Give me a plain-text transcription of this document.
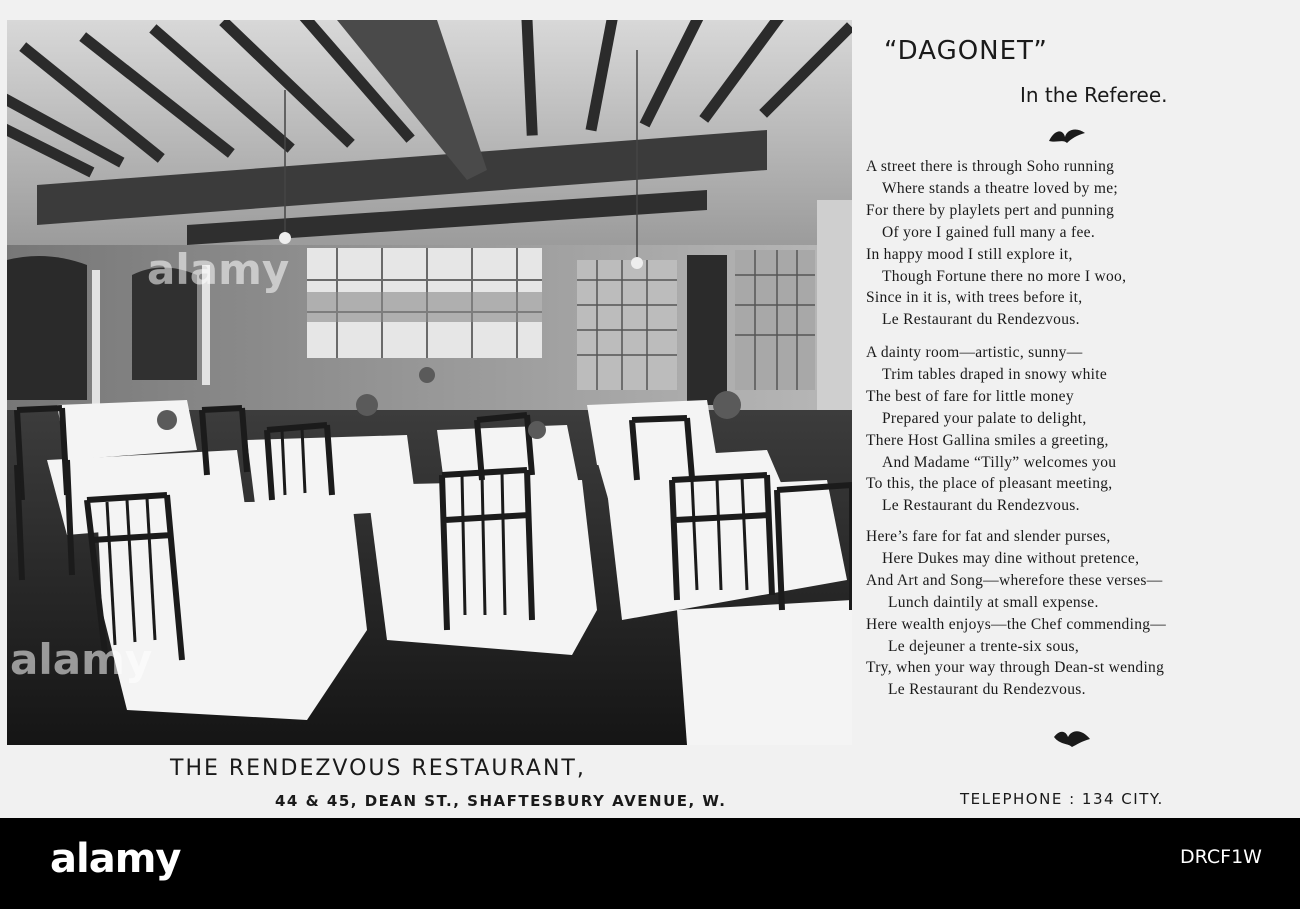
alamy
alamy
“DAGONET”
In the Referee.
A street there is through Soho running
Where stands a theatre loved by me;
For there by playlets pert and punning
Of yore I gained full many a fee.
In happy mood I still explore it,
Though Fortune there no more I woo,
Since in it is, with trees before it,
Le Restaurant du Rendezvous.
A dainty room—artistic, sunny—
Trim tables draped in snowy white
The best of fare for little money
Prepared your palate to delight,
There Host Gallina smiles a greeting,
And Madame “Tilly” welcomes you
To this, the place of pleasant meeting,
Le Restaurant du Rendezvous.
Here’s fare for fat and slender purses,
Here Dukes may dine without pretence,
And Art and Song—wherefore these verses—
Lunch daintily at small expense.
Here wealth enjoys—the Chef commending—
Le dejeuner a trente-six sous,
Try, when your way through Dean-st wending
Le Restaurant du Rendezvous.
THE RENDEZVOUS RESTAURANT,
44 & 45, DEAN ST., SHAFTESBURY AVENUE, W.	TELEPHONE : 134 CITY.
alamy	DRCF1W
